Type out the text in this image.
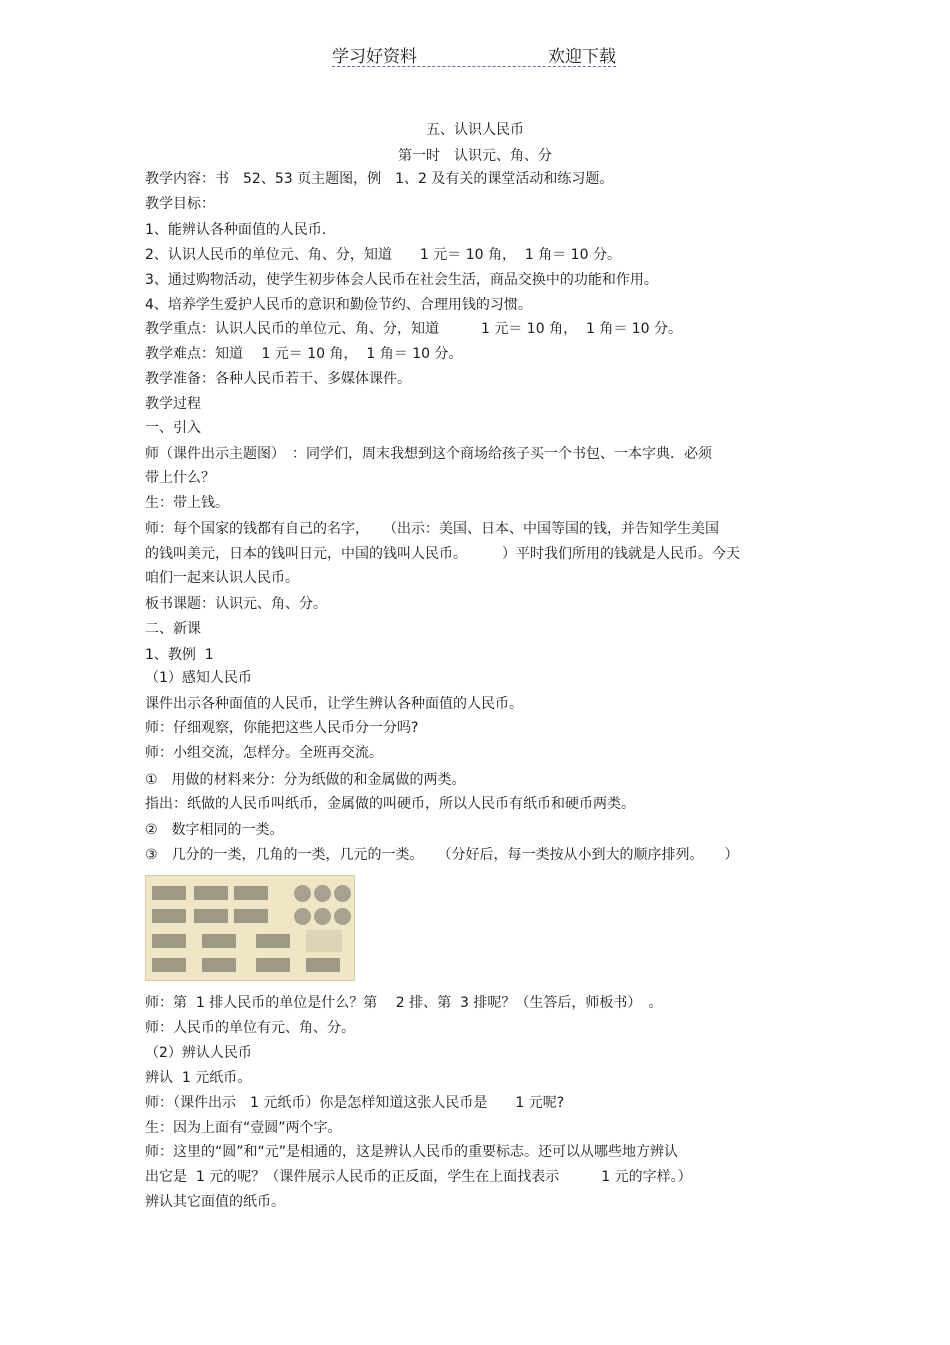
学习好资料	欢迎下载
五、认识人民币
第一时　认识元、角、分
教学内容：书　52、53 页主题图，例　1、2 及有关的课堂活动和练习题。
教学目标：
1、能辨认各种面值的人民币.
2、认识人民币的单位元、角、分，知道　　1 元＝ 10 角，  1 角＝ 10 分。
3、通过购物活动，使学生初步体会人民币在社会生活，商品交换中的功能和作用。
4、培养学生爱护人民币的意识和勤俭节约、合理用钱的习惯。
教学重点：认识人民币的单位元、角、分，知道　　　1 元＝ 10 角，  1 角＝ 10 分。
教学难点：知道　 1 元＝ 10 角，  1 角＝ 10 分。
教学准备：各种人民币若干、多媒体课件。
教学过程
一、引入
师（课件出示主题图）　：同学们，周末我想到这个商场给孩子买一个书包、一本字典．必须
带上什么？
生：带上钱。
师：每个国家的钱都有自己的名字，　　（出示：美国、日本、中国等国的钱，并告知学生美国
的钱叫美元，日本的钱叫日元，中国的钱叫人民币。　　　）平时我们所用的钱就是人民币。今天
咱们一起来认识人民币。
板书课题：认识元、角、分。
二、新课
1、教例  1
（1）感知人民币
课件出示各种面值的人民币，让学生辨认各种面值的人民币。
师：仔细观察，你能把这些人民币分一分吗?
师：小组交流，怎样分。全班再交流。
①　用做的材料来分：分为纸做的和金属做的两类。
指出：纸做的人民币叫纸币，金属做的叫硬币，所以人民币有纸币和硬币两类。
②　数字相同的一类。
③　几分的一类，几角的一类，几元的一类。　　（分好后，每一类按从小到大的顺序排列。　　）
师：第  1 排人民币的单位是什么？第　 2 排、第  3 排呢？（生答后，师板书）　。
师：人民币的单位有元、角、分。
（2）辨认人民币
辨认  1 元纸币。
师：（课件出示　1 元纸币）你是怎样知道这张人民币是　　1 元呢?
生：因为上面有“壹圆”两个字。
师：这里的“圆”和“元”是相通的，这是辨认人民币的重要标志。还可以从哪些地方辨认
出它是  1 元的呢？（课件展示人民币的正反面，学生在上面找表示　　　1 元的字样。）
辨认其它面值的纸币。
